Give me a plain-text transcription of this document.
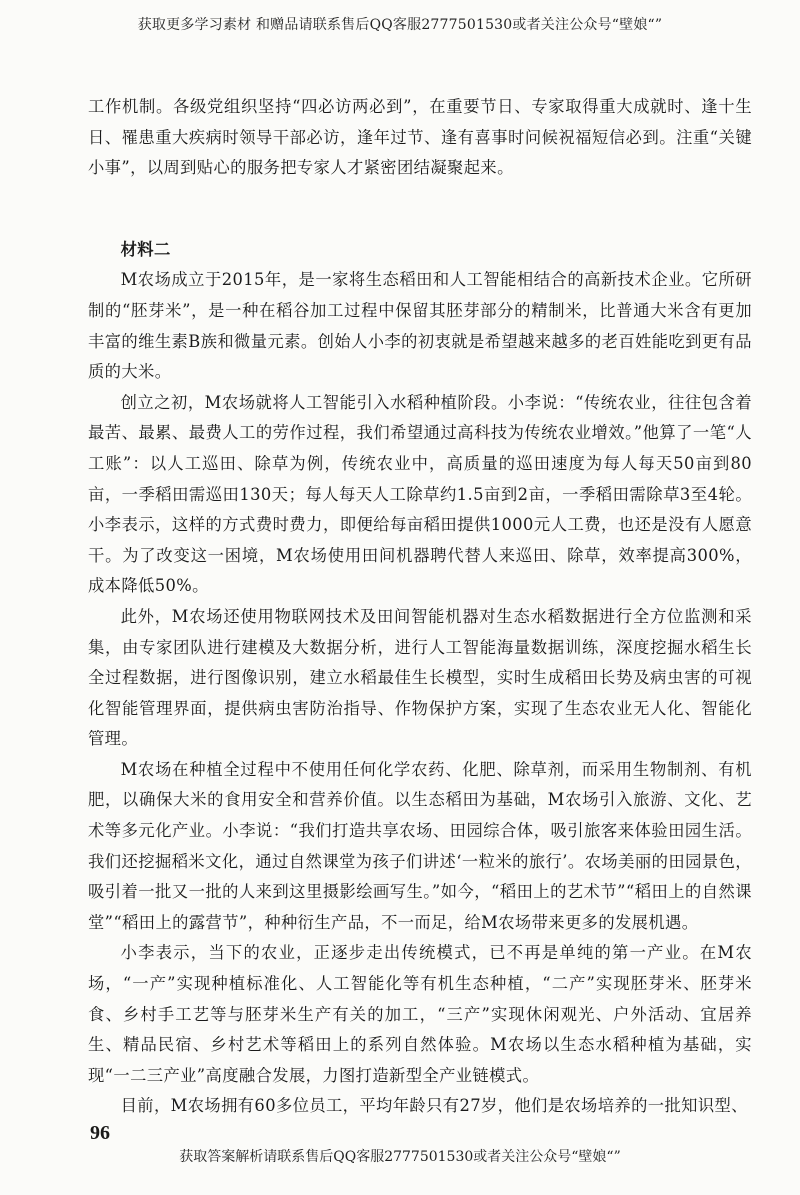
获取更多学习素材 和赠品请联系售后QQ客服2777501530或者关注公众号“壁娘“”

工作机制。各级党组织坚持“四必访两必到”，在重要节日、专家取得重大成就时、逢十生日、罹患重大疾病时领导干部必访，逢年过节、逢有喜事时问候祝福短信必到。注重“关键小事”，以周到贴心的服务把专家人才紧密团结凝聚起来。

材料二

M农场成立于2015年，是一家将生态稻田和人工智能相结合的高新技术企业。它所研制的“胚芽米”，是一种在稻谷加工过程中保留其胚芽部分的精制米，比普通大米含有更加丰富的维生素B族和微量元素。创始人小李的初衷就是希望越来越多的老百姓能吃到更有品质的大米。

创立之初，M农场就将人工智能引入水稻种植阶段。小李说：“传统农业，往往包含着最苦、最累、最费人工的劳作过程，我们希望通过高科技为传统农业增效。”他算了一笔“人工账”：以人工巡田、除草为例，传统农业中，高质量的巡田速度为每人每天50亩到80亩，一季稻田需巡田130天；每人每天人工除草约1.5亩到2亩，一季稻田需除草3至4轮。小李表示，这样的方式费时费力，即便给每亩稻田提供1000元人工费，也还是没有人愿意干。为了改变这一困境，M农场使用田间机器聘代替人来巡田、除草，效率提高300%，成本降低50%。

此外，M农场还使用物联网技术及田间智能机器对生态水稻数据进行全方位监测和采集，由专家团队进行建模及大数据分析，进行人工智能海量数据训练，深度挖掘水稻生长全过程数据，进行图像识别，建立水稻最佳生长模型，实时生成稻田长势及病虫害的可视化智能管理界面，提供病虫害防治指导、作物保护方案，实现了生态农业无人化、智能化管理。

M农场在种植全过程中不使用任何化学农药、化肥、除草剂，而采用生物制剂、有机肥，以确保大米的食用安全和营养价值。以生态稻田为基础，M农场引入旅游、文化、艺术等多元化产业。小李说：“我们打造共享农场、田园综合体，吸引旅客来体验田园生活。我们还挖掘稻米文化，通过自然课堂为孩子们讲述‘一粒米的旅行’。农场美丽的田园景色，吸引着一批又一批的人来到这里摄影绘画写生。”如今，“稻田上的艺术节”“稻田上的自然课堂”“稻田上的露营节”，种种衍生产品，不一而足，给M农场带来更多的发展机遇。

小李表示，当下的农业，正逐步走出传统模式，已不再是单纯的第一产业。在M农场，“一产”实现种植标准化、人工智能化等有机生态种植，“二产”实现胚芽米、胚芽米食、乡村手工艺等与胚芽米生产有关的加工，“三产”实现休闲观光、户外活动、宜居养生、精品民宿、乡村艺术等稻田上的系列自然体验。M农场以生态水稻种植为基础，实现“一二三产业”高度融合发展，力图打造新型全产业链模式。

目前，M农场拥有60多位员工，平均年龄只有27岁，他们是农场培养的一批知识型、

96
获取答案解析请联系售后QQ客服2777501530或者关注公众号“壁娘“”
